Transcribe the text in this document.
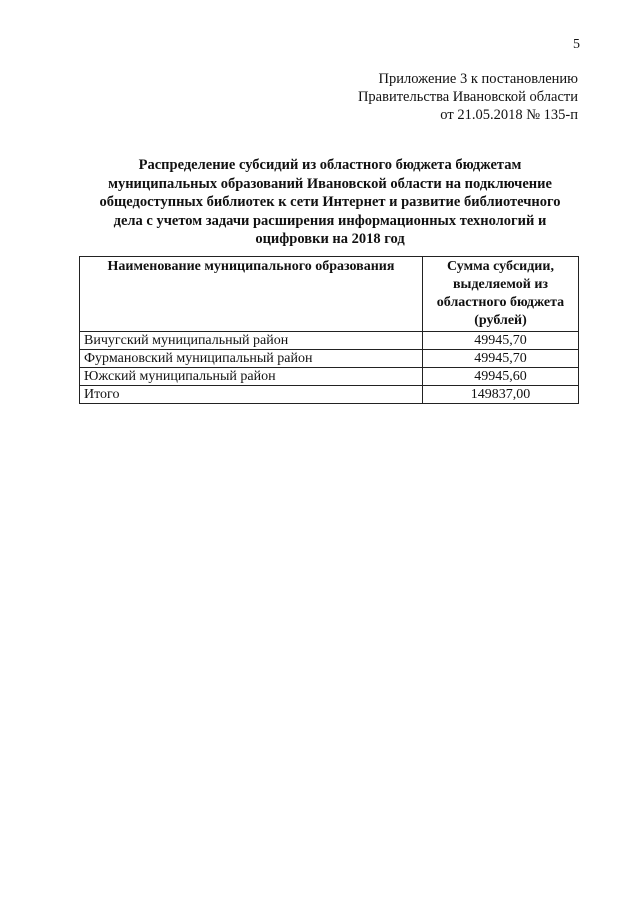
5
Приложение 3 к постановлению
Правительства Ивановской области
от 21.05.2018 № 135-п
Распределение субсидий из областного бюджета бюджетам
муниципальных образований Ивановской области на подключение
общедоступных библиотек к сети Интернет и развитие библиотечного
дела с учетом задачи расширения информационных технологий и
оцифровки на 2018 год
Наименование муниципального образования	Сумма субсидии,
выделяемой из
областного бюджета
(рублей)

Вичугский муниципальный район	49945,70
Фурмановский муниципальный район	49945,70
Южский муниципальный район	49945,60
Итого	149837,00
